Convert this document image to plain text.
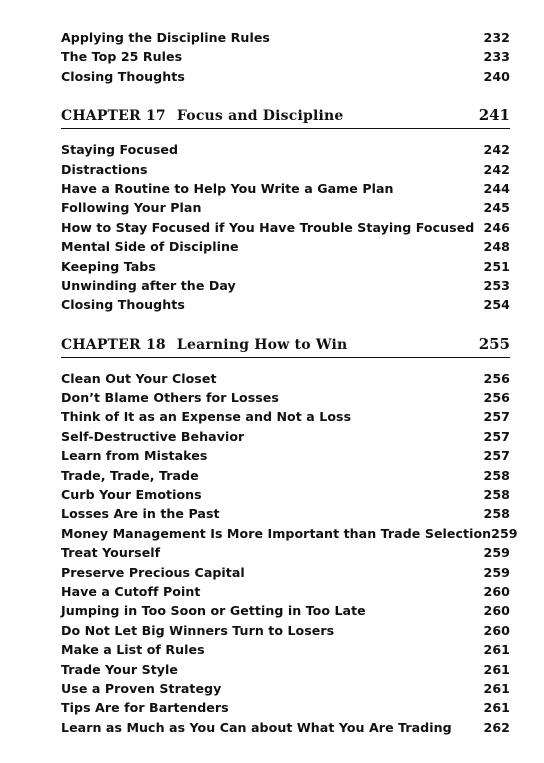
Applying the Discipline Rules	232
The Top 25 Rules	233
Closing Thoughts	240
CHAPTER 17 Focus and Discipline	241
Staying Focused	242
Distractions	242
Have a Routine to Help You Write a Game Plan	244
Following Your Plan	245
How to Stay Focused if You Have Trouble Staying Focused 246
Mental Side of Discipline	248
Keeping Tabs	251
Unwinding after the Day	253
Closing Thoughts	254
CHAPTER 18 Learning How to Win	255
Clean Out Your Closet	256
Don’t Blame Others for Losses	256
Think of It as an Expense and Not a Loss	257
Self-Destructive Behavior	257
Learn from Mistakes	257
Trade, Trade, Trade	258
Curb Your Emotions	258
Losses Are in the Past	258
Money Management Is More Important than Trade Selection 259
Treat Yourself	259
Preserve Precious Capital	259
Have a Cutoff Point	260
Jumping in Too Soon or Getting in Too Late	260
Do Not Let Big Winners Turn to Losers	260
Make a List of Rules	261
Trade Your Style	261
Use a Proven Strategy	261
Tips Are for Bartenders	261
Learn as Much as You Can about What You Are Trading	262
